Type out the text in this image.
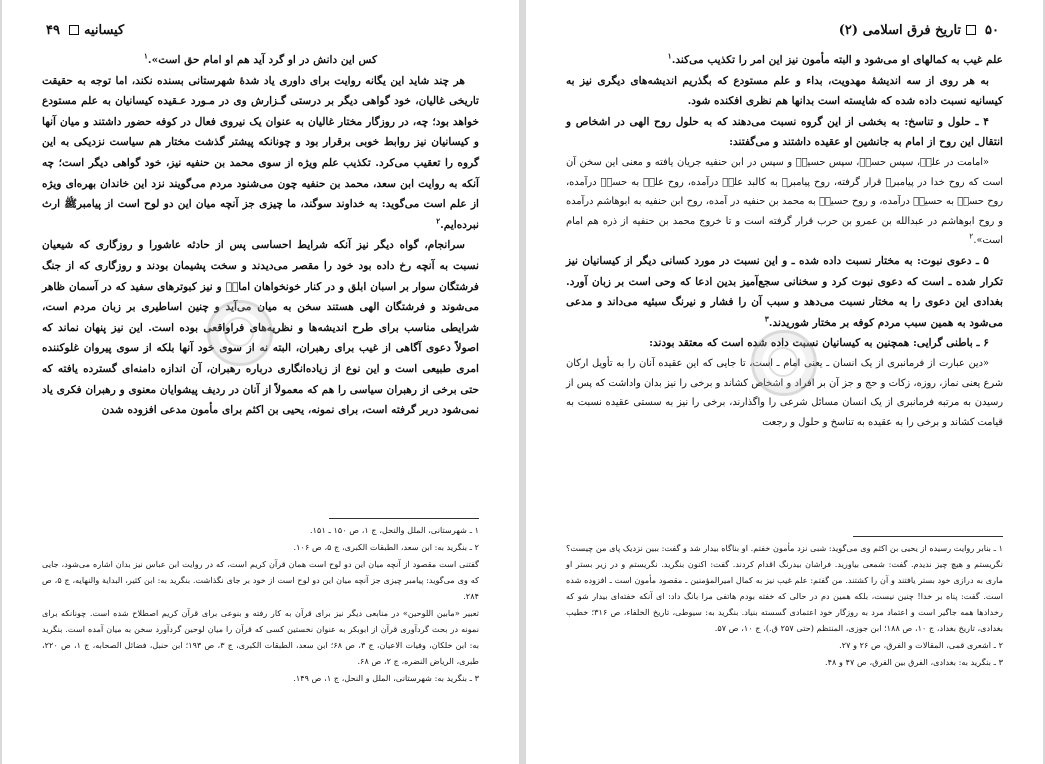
کیسانیه
۴۹

کس این دانش در او گرد آید هم او امام حق است».$^۱$

هر چند شاید این یگانه روایت برای داوری یاد شدهٔ شهرستانی بسنده نکند، اما توجه به حقیقت تاریخی غالیان، خود گواهی دیگر بر درستی گـزارش وی در مـورد عـقیده کیسانیان به علم مستودع خواهد بود؛ چه، در روزگار مختار غالیان به عنوان یک نیروی فعال در کوفه حضور داشتند و میان آنها و کیسانیان نیز روابط خوبی برقرار بود و چونانکه پیشتر گذشت مختار هم سیاست نزدیکی به این گروه را تعقیب می‌کرد. تکذیب علم ویژه از سوی محمد بن حنفیه نیز، خود گواهی دیگر است؛ چه آنکه به روایت ابن سعد، محمد بن حنفیه چون می‌شنود مردم می‌گویند نزد این خاندان بهره‌ای ویژه از علم است می‌گوید: به خداوند سوگند، ما چیزی جز آنچه میان این دو لوح است از پیامبرﷺ ارث نبرده‌ایم.$^۲$

سرانجام، گواه دیگر نیز آنکه شرایط احساسی پس از حادثه عاشورا و روزگاری که شیعیان نسبت به آنچه رخ داده بود خود را مقصر می‌دیدند و سخت پشیمان بودند و روزگاری که از جنگ فرشتگان سوار بر اسبان ابلق و در کنار خونخواهان امامؑ و نیز کبوترهای سفید که در آسمان ظاهر می‌شوند و فرشتگان الهی هستند سخن به میان می‌آید و چنین اساطیری بر زبان مردم است، شرایطی مناسب برای طرح اندیشه‌ها و نظریه‌های فراواقعی بوده است. این نیز پنهان نماند که اصولاً دعوی آگاهی از غیب برای رهبران، البته نه از سوی خود آنها بلکه از سوی پیروان غلوکننده امری طبیعی است و این نوع از زیاده‌انگاری درباره رهبران، آن اندازه دامنه‌ای گسترده یافته که حتی برخی از رهبران سیاسی را هم که معمولاً از آنان در ردیف پیشوایان معنوی و رهبران فکری یاد نمی‌شود دربر گرفته است، برای نمونه، یحیی بن اکثم برای مأمون مدعی افزوده شدن

۱ ـ شهرستانی، الملل والنحل، ج ۱، ص ۱۵۰ ـ ۱۵۱.

۲ ـ بنگرید به: ابن سعد، الطبقات الکبری، ج ۵، ص ۱۰۶.

گفتنی است مقصود از آنچه میان این دو لوح است همان قرآن کریم است، که در روایت ابن عباس نیز بدان اشاره می‌شود، جایی که وی می‌گوید: پیامبر چیزی جز آنچه میان این دو لوح است از خود بر جای نگذاشت. بنگرید به: ابن کثیر، البدایة والنهایه، ج ۵، ص ۲۸۴.

تعبیر «مابین اللوحین» در منابعی دیگر نیز برای قرآن به کار رفته و بنوعی برای قرآن کریم اصطلاح شده است. چونانکه برای نمونه در بحث گردآوری قرآن از ابوبکر به عنوان نخستین کسی که قرآن را میان لوحین گردآورد سخن به میان آمده است. بنگرید به: ابن خلکان، وفیات الاعیان، ج ۳، ص ۶۸؛ ابن سعد، الطبقات الکبری، ج ۳، ص ۱۹۳؛ ابن حنبل، فضائل الصحابه، ج ۱، ص ۲۲۰، طبری، الریاض النضره، ج ۲، ص ۶۸.

۳ ـ بنگرید به: شهرستانی، الملل و النحل، ج ۱، ص ۱۴۹.

۵۰
تاریخ فرق اسلامی (۲)

علم غیب به کمالهای او می‌شود و البته مأمون نیز این امر را تکذیب می‌کند.$^۱$

به هر روی از سه اندیشهٔ مهدویت، بداء و علم مستودع که بگذریم اندیشه‌های دیگری نیز به کیسانیه نسبت داده شده که شایسته است بدانها هم نظری افکنده شود.

۴ ـ حلول و تناسخ: به بخشی از این گروه نسبت می‌دهند که به حلول روح الهی در اشخاص و انتقال این روح از امام به جانشین او عقیده داشتند و می‌گفتند:

«امامت در علیؑ، سپس حسنؑ، سپس حسینؑ و سپس در ابن حنفیه جریان یافته و معنی این سخن آن است که روح خدا در پیامبرﷺ قرار گرفته، روح پیامبرﷺ به کالبد علیؑ درآمده، روح علیؑ به حسنؑ درآمده، روح حسنؑ به حسینؑ درآمده، و روح حسینؑ به محمد بن حنفیه در آمده، روح ابن حنفیه به ابوهاشم درآمده و روح ابوهاشم در عبدالله بن عمرو بن حرب قرار گرفته است و تا خروج محمد بن حنفیه از ذره هم امام است».$^۲$

۵ ـ دعوی نبوت: به مختار نسبت داده شده ـ و این نسبت در مورد کسانی دیگر از کیسانیان نیز تکرار شده ـ است که دعوی نبوت کرد و سخنانی سجع‌آمیز بدین ادعا که وحی است بر زبان آورد. بغدادی این دعوی را به مختار نسبت می‌دهد و سبب آن را فشار و نیرنگ سبئیه می‌داند و مدعی می‌شود به همین سبب مردم کوفه بر مختار شوریدند.$^۳$

۶ ـ باطنی گرایی: همچنین به کیسانیان نسبت داده شده است که معتقد بودند:

«دین عبارت از فرمانبری از یک انسان ـ یعنی امام ـ است، تا جایی که این عقیده آنان را به تأویل ارکان شرع یعنی نماز، روزه، زکات و حج و جز آن بر افراد و اشخاص کشاند و برخی را نیز بدان واداشت که پس از رسیدن به مرتبه فرمانبری از یک انسان مسائل شرعی را واگذارند، برخی را نیز به سستی عقیده نسبت به قیامت کشاند و برخی را به عقیده به تناسخ و حلول و رجعت

۱ ـ بنابر روایت رسیده از یحیی بن اکثم وی می‌گوید: شبی نزد مأمون خفتم. او بناگاه بیدار شد و گفت: ببین نزدیک پای من چیست؟ نگریستم و هیچ چیز ندیدم. گفت: شمعی بیاورید. فراشان بیدرنگ اقدام کردند. گفت: اکنون بنگرید. نگریستم و در زیر بستر او ماری به درازی خود بستر یافتند و آن را کشتند. من گفتم: علم غیب نیز به کمال امیرالمؤمنین ـ مقصود مأمون است ـ افزوده شده است. گفت: پناه بر خدا! چنین نیست، بلکه همین دم در حالی که خفته بودم هاتفی مرا بانگ داد: ای آنکه خفته‌ای بیدار شو که رخدادها همه جاگیر است و اعتماد مرد به روزگار خود اعتمادی گسسته بنیاد. بنگرید به: سیوطی، تاریخ الخلفاء، ص ۳۱۶؛ خطیب بغدادی، تاریخ بغداد، ج ۱۰، ص ۱۸۸؛ ابن جوزی، المنتظم (حتی ۲۵۷ ق.)، ج ۱۰، ص ۵۷.

۲ ـ اشعری قمی، المقالات و الفرق، ص ۲۶ و ۲۷.

۳ ـ بنگرید به: بغدادی، الفرق بین الفرق، ص ۴۷ و ۴۸.
